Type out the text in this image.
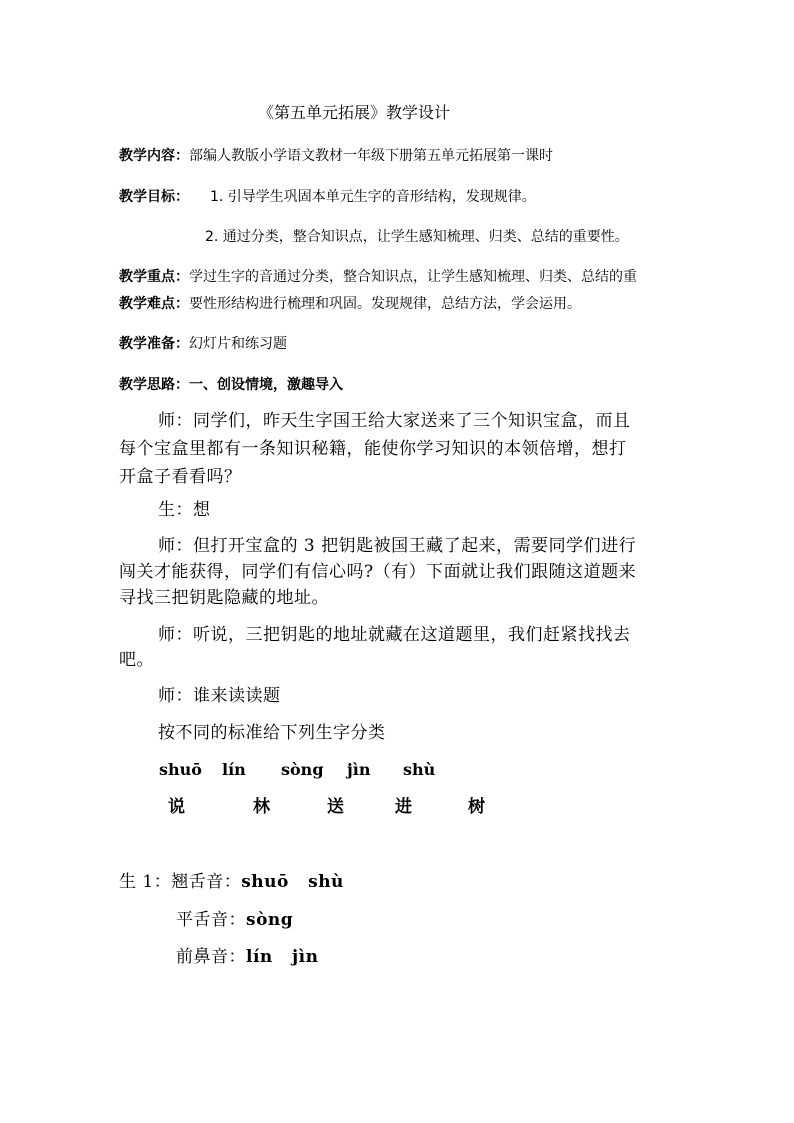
《第五单元拓展》教学设计
教学内容：部编人教版小学语文教材一年级下册第五单元拓展第一课时
教学目标： 1. 引导学生巩固本单元生字的音形结构，发现规律。
2. 通过分类，整合知识点，让学生感知梳理、归类、总结的重要性。
教学重点：学过生字的音通过分类，整合知识点，让学生感知梳理、归类、总结的重
教学难点：要性形结构进行梳理和巩固。发现规律，总结方法，学会运用。
教学准备：幻灯片和练习题
教学思路：一、创设情境，激趣导入
师：同学们，昨天生字国王给大家送来了三个知识宝盒，而且
每个宝盒里都有一条知识秘籍，能使你学习知识的本领倍增，想打
开盒子看看吗？
生：想
师：但打开宝盒的 3 把钥匙被国王藏了起来，需要同学们进行
闯关才能获得，同学们有信心吗?（有）下面就让我们跟随这道题来
寻找三把钥匙隐藏的地址。
师：听说，三把钥匙的地址就藏在这道题里，我们赶紧找找去
吧。
师：谁来读读题
按不同的标准给下列生字分类
shuō lín sòng jìn shù
说	林	送	进	树
生 1：翘舌音：shuō   shù
平舌音：sòng
前鼻音：lín   jìn
